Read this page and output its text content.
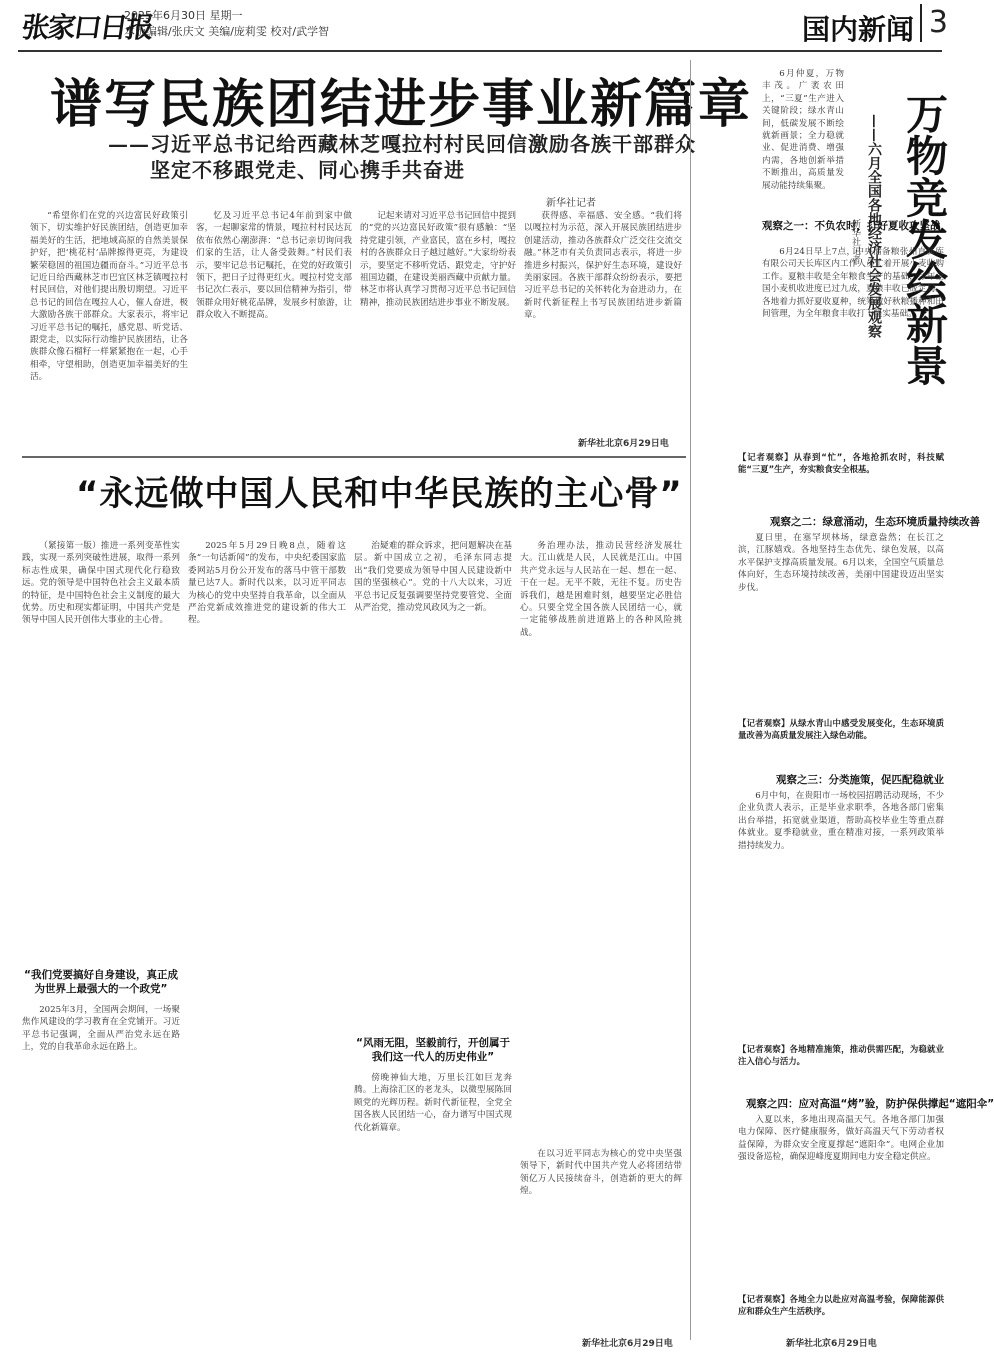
张家口日报
2025年6月30日 星期一
本版编辑/张庆文 美编/庞莉雯 校对/武学智	国内新闻 3
谱写民族团结进步事业新篇章
——习近平总书记给西藏林芝嘎拉村村民回信激励各族干部群众
坚定不移跟党走、同心携手共奋进
新华社记者

“希望你们在党的兴边富民好政策引领下，切实维护好民族团结，创造更加幸福美好的生活，把地域高原的自然美景保护好，把‘桃花村’品牌擦得更亮，为建设繁荣稳固的祖国边疆而奋斗。”习近平总书记近日给西藏林芝市巴宜区林芝镇嘎拉村村民回信，对他们提出殷切期望。习近平总书记的回信在嘎拉人心，催人奋进，极大激励各族干部群众。大家表示，将牢记习近平总书记的嘱托，感党恩、听党话、跟党走，以实际行动维护民族团结，让各族群众像石榴籽一样紧紧抱在一起，心手相牵，守望相助，创造更加幸福美好的生活。

忆及习近平总书记4年前到家中做客，一起聊家常的情景，嘎拉村村民达瓦依布依然心潮澎湃：“总书记亲切询问我们家的生活，让人备受鼓舞。”村民们表示，要牢记总书记嘱托，在党的好政策引领下，把日子过得更红火。嘎拉村党支部书记次仁表示，要以回信精神为指引，带领群众用好桃花品牌，发展乡村旅游，让群众收入不断提高。

记起来请对习近平总书记回信中提到的“党的兴边富民好政策”很有感触：“坚持党建引领，产业富民，富在乡村，嘎拉村的各族群众日子越过越好。”大家纷纷表示，要坚定不移听党话、跟党走，守护好祖国边疆，在建设美丽西藏中贡献力量。林芝市将认真学习贯彻习近平总书记回信精神，推动民族团结进步事业不断发展。

获得感、幸福感、安全感。“我们将以嘎拉村为示范，深入开展民族团结进步创建活动，推动各族群众广泛交往交流交融。”林芝市有关负责同志表示，将进一步推进乡村振兴，保护好生态环境，建设好美丽家园。各族干部群众纷纷表示，要把习近平总书记的关怀转化为奋进动力，在新时代新征程上书写民族团结进步新篇章。

新华社北京6月29日电
万物竞发绘新景
——六月全国各地经济社会发展观察
新华社记者

6月仲夏，万物丰茂。广袤农田上，“三夏”生产进入关键阶段；绿水青山间，低碳发展不断绘就新画景；全力稳就业、促进消费、增强内需，各地创新举措不断推出，高质量发展动能持续集聚。

观察之一：不负农时，打好夏收攻坚战

6月24日早上7点，中央储备粮张州直属库有限公司天长库区内工作人员忙着开展小麦收购工作。夏粮丰收是全年粮食生产的基础，今年全国小麦机收进度已过九成，夏粮丰收已成定局。各地着力抓好夏收夏种，统筹做好秋粮播种和田间管理，为全年粮食丰收打下坚实基础。

【记者观察】从春到“忙”，各地抢抓农时，科技赋能“三夏”生产，夯实粮食安全根基。
观察之二：绿意涌动，生态环境质量持续改善

夏日里，在塞罕坝林场，绿意盎然；在长江之滨，江豚嬉戏。各地坚持生态优先、绿色发展，以高水平保护支撑高质量发展。6月以来，全国空气质量总体向好，生态环境持续改善，美丽中国建设迈出坚实步伐。

【记者观察】从绿水青山中感受发展变化，生态环境质量改善为高质量发展注入绿色动能。
观察之三：分类施策，促匹配稳就业

6月中旬，在贵阳市一场校园招聘活动现场，不少企业负责人表示，正是毕业求职季，各地各部门密集出台举措，拓宽就业渠道，帮助高校毕业生等重点群体就业。夏季稳就业，重在精准对接，一系列政策举措持续发力。

【记者观察】各地精准施策，推动供需匹配，为稳就业注入信心与活力。
观察之四：应对高温“烤”验，防护保供撑起“遮阳伞”

入夏以来，多地出现高温天气。各地各部门加强电力保障、医疗健康服务，做好高温天气下劳动者权益保障，为群众安全度夏撑起“遮阳伞”。电网企业加强设备巡检，确保迎峰度夏期间电力安全稳定供应。

【记者观察】各地全力以赴应对高温考验，保障能源供应和群众生产生活秩序。
新华社北京6月29日电
“永远做中国人民和中华民族的主心骨”

（紧接第一版）推进一系列变革性实践，实现一系列突破性进展，取得一系列标志性成果，确保中国式现代化行稳致远。党的领导是中国特色社会主义最本质的特征，是中国特色社会主义制度的最大优势。历史和现实都证明，中国共产党是领导中国人民开创伟大事业的主心骨。

“我们党要搞好自身建设，真正成为世界上最强大的一个政党”

2025年3月，全国两会期间，一场聚焦作风建设的学习教育在全党铺开。习近平总书记强调，全面从严治党永远在路上，党的自我革命永远在路上。

2025年5月29日晚8点，随着这条“一句话新闻”的发布，中央纪委国家监委网站5月份公开发布的落马中管干部数量已达7人。新时代以来，以习近平同志为核心的党中央坚持自我革命，以全面从严治党新成效推进党的建设新的伟大工程。

治疑难的群众诉求，把问题解决在基层。新中国成立之初，毛泽东同志提出“我们党要成为领导中国人民建设新中国的坚强核心”。党的十八大以来，习近平总书记反复强调要坚持党要管党、全面从严治党，推动党风政风为之一新。

“风雨无阻，坚毅前行，开创属于我们这一代人的历史伟业”

傍晚神仙大地，万里长江如巨龙奔腾。上海徐汇区的老龙头，以微型展陈回顾党的光辉历程。新时代新征程，全党全国各族人民团结一心，奋力谱写中国式现代化新篇章。

务治理办法，推动民营经济发展壮大。江山就是人民，人民就是江山。中国共产党永远与人民站在一起、想在一起、干在一起。无平不陂，无往不复。历史告诉我们，越是困难时刻，越要坚定必胜信心。只要全党全国各族人民团结一心，就一定能够战胜前进道路上的各种风险挑战。

在以习近平同志为核心的党中央坚强领导下，新时代中国共产党人必将团结带领亿万人民接续奋斗，创造新的更大的辉煌。

新华社北京6月29日电
